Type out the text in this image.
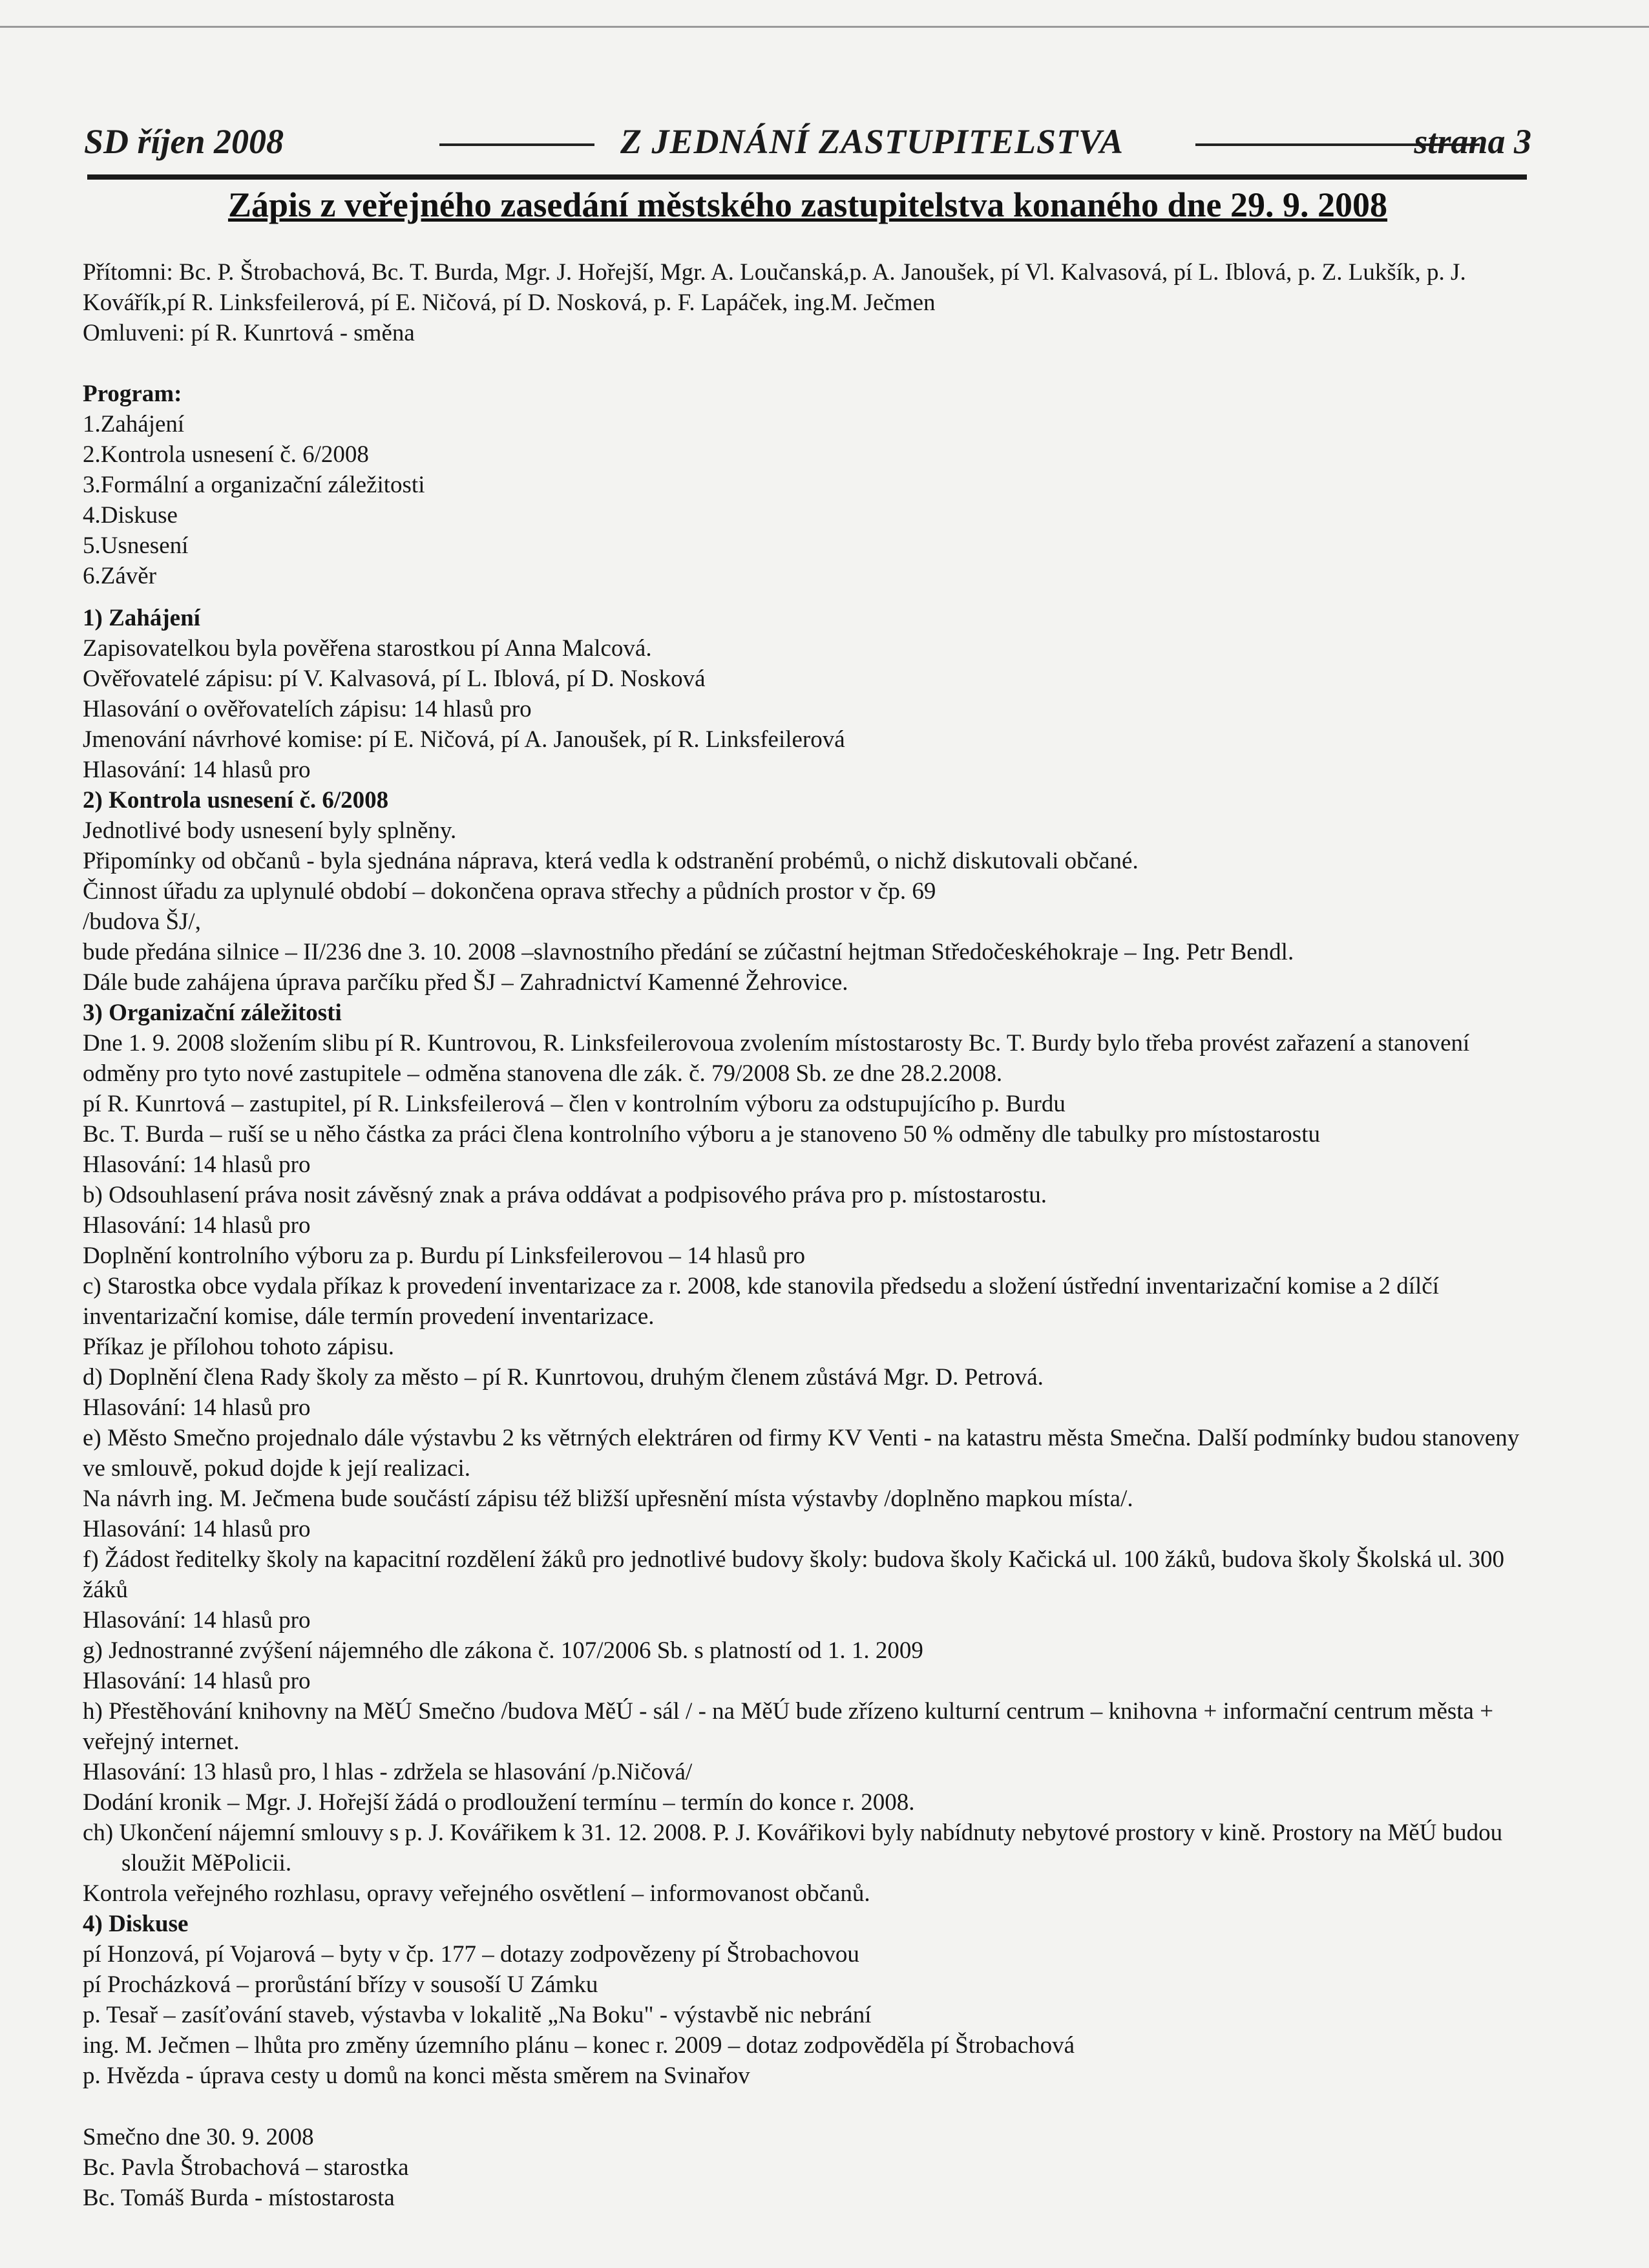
SD říjen 2008	Z JEDNÁNÍ ZASTUPITELSTVA	strana 3
Zápis z veřejného zasedání městského zastupitelstva konaného dne 29. 9. 2008

Přítomni: Bc. P. Štrobachová, Bc. T. Burda, Mgr. J. Hořejší, Mgr. A. Loučanská,p. A. Janoušek, pí Vl. Kalvasová, pí L. Iblová, p. Z. Lukšík, p. J. Kovářík,pí R. Linksfeilerová, pí E. Ničová, pí D. Nosková, p. F. Lapáček, ing.M. Ječmen

Omluveni: pí R. Kunrtová - směna

Program:

1.Zahájení

2.Kontrola usnesení č. 6/2008

3.Formální a organizační záležitosti

4.Diskuse

5.Usnesení

6.Závěr

1) Zahájení

Zapisovatelkou byla pověřena starostkou pí Anna Malcová.

Ověřovatelé zápisu: pí V. Kalvasová, pí L. Iblová, pí D. Nosková

Hlasování o ověřovatelích zápisu: 14 hlasů pro

Jmenování návrhové komise: pí E. Ničová, pí A. Janoušek, pí R. Linksfeilerová

Hlasování: 14 hlasů pro

2) Kontrola usnesení č. 6/2008

Jednotlivé body usnesení byly splněny.

Připomínky od občanů - byla sjednána náprava, která vedla k odstranění probémů, o nichž diskutovali občané.

Činnost úřadu za uplynulé období – dokončena oprava střechy a půdních prostor v čp. 69

/budova ŠJ/,

bude předána silnice – II/236 dne 3. 10. 2008 –slavnostního předání se zúčastní hejtman Středočeskéhokraje – Ing. Petr Bendl.

Dále bude zahájena úprava parčíku před ŠJ – Zahradnictví Kamenné Žehrovice.

3) Organizační záležitosti

Dne 1. 9. 2008 složením slibu pí R. Kuntrovou, R. Linksfeilerovoua zvolením místostarosty Bc. T. Burdy bylo třeba provést zařazení a stanovení odměny pro tyto nové zastupitele – odměna stanovena dle zák. č. 79/2008 Sb. ze dne 28.2.2008.

pí R. Kunrtová – zastupitel, pí R. Linksfeilerová – člen v kontrolním výboru za odstupujícího p. Burdu

Bc. T. Burda – ruší se u něho částka za práci člena kontrolního výboru a je stanoveno 50 % odměny dle tabulky pro místostarostu

Hlasování: 14 hlasů pro

b) Odsouhlasení práva nosit závěsný znak a práva oddávat a podpisového práva pro p. místostarostu.

Hlasování: 14 hlasů pro

Doplnění kontrolního výboru za p. Burdu pí Linksfeilerovou – 14 hlasů pro

c) Starostka obce vydala příkaz k provedení inventarizace za r. 2008, kde stanovila předsedu a složení ústřední inventarizační komise a 2 dílčí inventarizační komise, dále termín provedení inventarizace.

Příkaz je přílohou tohoto zápisu.

d) Doplnění člena Rady školy za město – pí R. Kunrtovou, druhým členem zůstává Mgr. D. Petrová.

Hlasování: 14 hlasů pro

e) Město Smečno projednalo dále výstavbu 2 ks větrných elektráren od firmy KV Venti - na katastru města Smečna. Další podmínky budou stanoveny ve smlouvě, pokud dojde k její realizaci.

Na návrh ing. M. Ječmena bude součástí zápisu též bližší upřesnění místa výstavby /doplněno mapkou místa/.

Hlasování: 14 hlasů pro

f) Žádost ředitelky školy na kapacitní rozdělení žáků pro jednotlivé budovy školy: budova školy Kačická ul. 100 žáků, budova školy Školská ul. 300 žáků

Hlasování: 14 hlasů pro

g) Jednostranné zvýšení nájemného dle zákona č. 107/2006 Sb. s platností od 1. 1. 2009

Hlasování: 14 hlasů pro

h) Přestěhování knihovny na MěÚ Smečno /budova MěÚ - sál / - na MěÚ bude zřízeno kulturní centrum – knihovna + informační centrum města + veřejný internet.

Hlasování: 13 hlasů pro, l hlas - zdržela se hlasování /p.Ničová/

Dodání kronik – Mgr. J. Hořejší žádá o prodloužení termínu – termín do konce r. 2008.

ch) Ukončení nájemní smlouvy s p. J. Kovářikem k 31. 12. 2008. P. J. Kovářikovi byly nabídnuty nebytové prostory v kině. Prostory na MěÚ budou sloužit MěPolicii.

Kontrola veřejného rozhlasu, opravy veřejného osvětlení – informovanost občanů.

4) Diskuse

pí Honzová, pí Vojarová – byty v čp. 177 – dotazy zodpovězeny pí Štrobachovou

pí Procházková – prorůstání břízy v sousoší U Zámku

p. Tesař – zasíťování staveb, výstavba v lokalitě „Na Boku" - výstavbě nic nebrání

ing. M. Ječmen – lhůta pro změny územního plánu – konec r. 2009 – dotaz zodpověděla pí Štrobachová

p. Hvězda - úprava cesty u domů na konci města směrem na Svinařov

Smečno dne 30. 9. 2008

Bc. Pavla Štrobachová – starostka

Bc. Tomáš Burda - místostarosta
